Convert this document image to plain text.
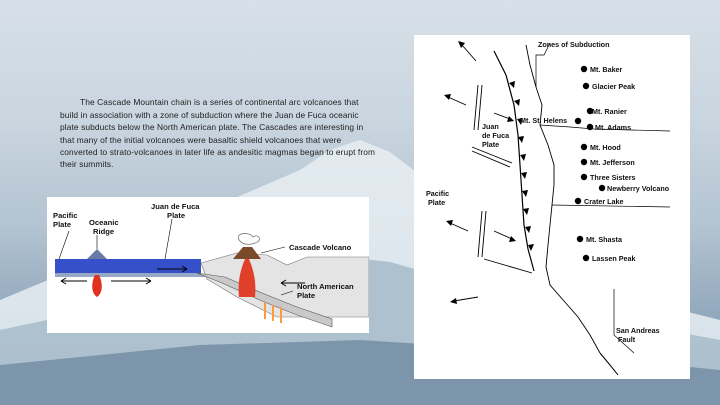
The Cascade Mountain chain is a series of continental arc volcanoes that build in association with a zone of subduction where the Juan de Fuca oceanic plate subducts below the North American plate. The Cascades are interesting in that many of the initial volcanoes were basaltic shield volcanoes that were converted to strato-volcanoes in later life as andesitic magmas began to erupt from their summits.

Pacific
Plate Oceanic
Ridge
Juan de Fuca
Plate
Cascade Volcano
North American
Plate
Zones of Subduction
Mt. Baker
Glacier Peak
Mt. Ranier
Mt. St. Helens
Mt. Adams
Mt. Hood
Mt. Jefferson
Three Sisters
Newberry Volcano
Crater Lake
Mt. Shasta
Lassen Peak
Juan
de Fuca
Plate
Pacific
Plate
San Andreas
Fault
